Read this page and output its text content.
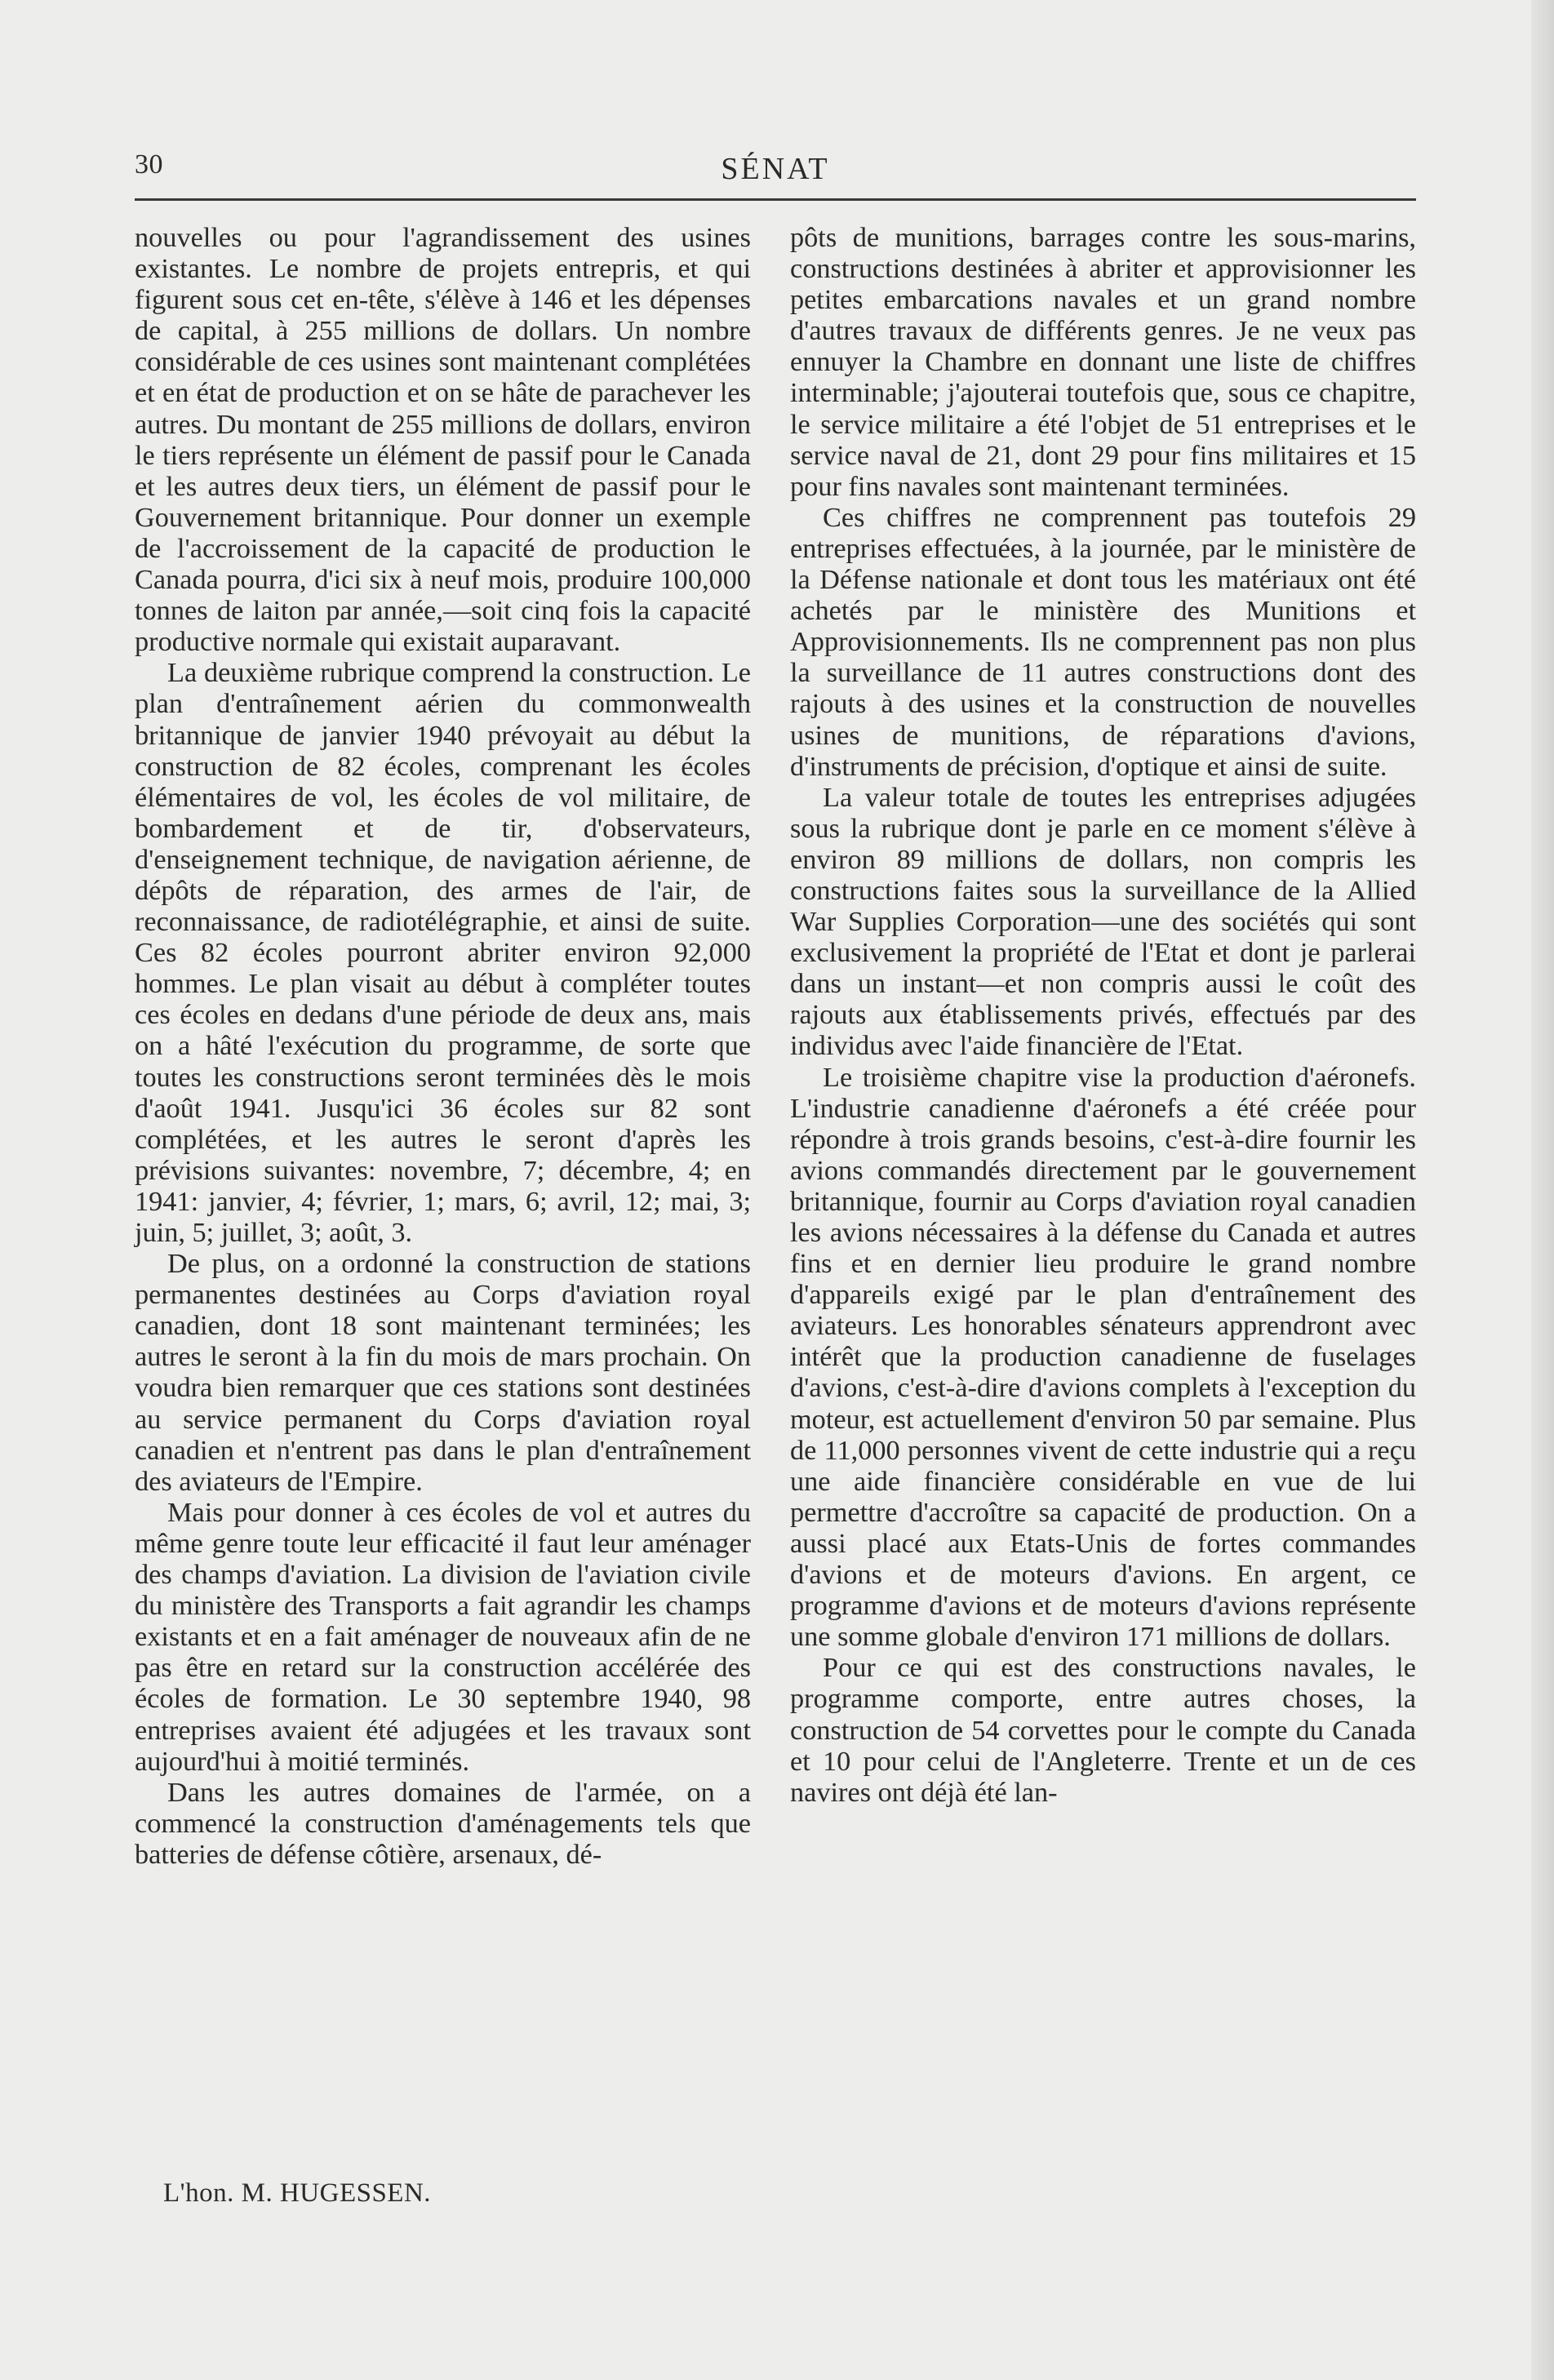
30	SÉNAT

nouvelles ou pour l'agrandissement des usines existantes. Le nombre de projets entrepris, et qui figurent sous cet en-tête, s'élève à 146 et les dépenses de capital, à 255 millions de dollars. Un nombre considérable de ces usines sont maintenant complétées et en état de production et on se hâte de parachever les autres. Du montant de 255 millions de dollars, environ le tiers représente un élément de passif pour le Canada et les autres deux tiers, un élément de passif pour le Gouvernement britannique. Pour donner un exemple de l'accroissement de la capacité de production le Canada pourra, d'ici six à neuf mois, produire 100,000 tonnes de laiton par année,—soit cinq fois la capacité productive normale qui existait auparavant.

La deuxième rubrique comprend la construction. Le plan d'entraînement aérien du commonwealth britannique de janvier 1940 prévoyait au début la construction de 82 écoles, comprenant les écoles élémentaires de vol, les écoles de vol militaire, de bombardement et de tir, d'observateurs, d'enseignement technique, de navigation aérienne, de dépôts de réparation, des armes de l'air, de reconnaissance, de radiotélégraphie, et ainsi de suite. Ces 82 écoles pourront abriter environ 92,000 hommes. Le plan visait au début à compléter toutes ces écoles en dedans d'une période de deux ans, mais on a hâté l'exécution du programme, de sorte que toutes les constructions seront terminées dès le mois d'août 1941. Jusqu'ici 36 écoles sur 82 sont complétées, et les autres le seront d'après les prévisions suivantes: novembre, 7; décembre, 4; en 1941: janvier, 4; février, 1; mars, 6; avril, 12; mai, 3; juin, 5; juillet, 3; août, 3.

De plus, on a ordonné la construction de stations permanentes destinées au Corps d'aviation royal canadien, dont 18 sont maintenant terminées; les autres le seront à la fin du mois de mars prochain. On voudra bien remarquer que ces stations sont destinées au service permanent du Corps d'aviation royal canadien et n'entrent pas dans le plan d'entraînement des aviateurs de l'Empire.

Mais pour donner à ces écoles de vol et autres du même genre toute leur efficacité il faut leur aménager des champs d'aviation. La division de l'aviation civile du ministère des Transports a fait agrandir les champs existants et en a fait aménager de nouveaux afin de ne pas être en retard sur la construction accélérée des écoles de formation. Le 30 septembre 1940, 98 entreprises avaient été adjugées et les travaux sont aujourd'hui à moitié terminés.

Dans les autres domaines de l'armée, on a commencé la construction d'aménagements tels que batteries de défense côtière, arsenaux, dé-

pôts de munitions, barrages contre les sous-marins, constructions destinées à abriter et approvisionner les petites embarcations navales et un grand nombre d'autres travaux de différents genres. Je ne veux pas ennuyer la Chambre en donnant une liste de chiffres interminable; j'ajouterai toutefois que, sous ce chapitre, le service militaire a été l'objet de 51 entreprises et le service naval de 21, dont 29 pour fins militaires et 15 pour fins navales sont maintenant terminées.

Ces chiffres ne comprennent pas toutefois 29 entreprises effectuées, à la journée, par le ministère de la Défense nationale et dont tous les matériaux ont été achetés par le ministère des Munitions et Approvisionnements. Ils ne comprennent pas non plus la surveillance de 11 autres constructions dont des rajouts à des usines et la construction de nouvelles usines de munitions, de réparations d'avions, d'instruments de précision, d'optique et ainsi de suite.

La valeur totale de toutes les entreprises adjugées sous la rubrique dont je parle en ce moment s'élève à environ 89 millions de dollars, non compris les constructions faites sous la surveillance de la Allied War Supplies Corporation—une des sociétés qui sont exclusivement la propriété de l'Etat et dont je parlerai dans un instant—et non compris aussi le coût des rajouts aux établissements privés, effectués par des individus avec l'aide financière de l'Etat.

Le troisième chapitre vise la production d'aéronefs. L'industrie canadienne d'aéronefs a été créée pour répondre à trois grands besoins, c'est-à-dire fournir les avions commandés directement par le gouvernement britannique, fournir au Corps d'aviation royal canadien les avions nécessaires à la défense du Canada et autres fins et en dernier lieu produire le grand nombre d'appareils exigé par le plan d'entraînement des aviateurs. Les honorables sénateurs apprendront avec intérêt que la production canadienne de fuselages d'avions, c'est-à-dire d'avions complets à l'exception du moteur, est actuellement d'environ 50 par semaine. Plus de 11,000 personnes vivent de cette industrie qui a reçu une aide financière considérable en vue de lui permettre d'accroître sa capacité de production. On a aussi placé aux Etats-Unis de fortes commandes d'avions et de moteurs d'avions. En argent, ce programme d'avions et de moteurs d'avions représente une somme globale d'environ 171 millions de dollars.

Pour ce qui est des constructions navales, le programme comporte, entre autres choses, la construction de 54 corvettes pour le compte du Canada et 10 pour celui de l'Angleterre. Trente et un de ces navires ont déjà été lan-

L'hon. M. HUGESSEN.
